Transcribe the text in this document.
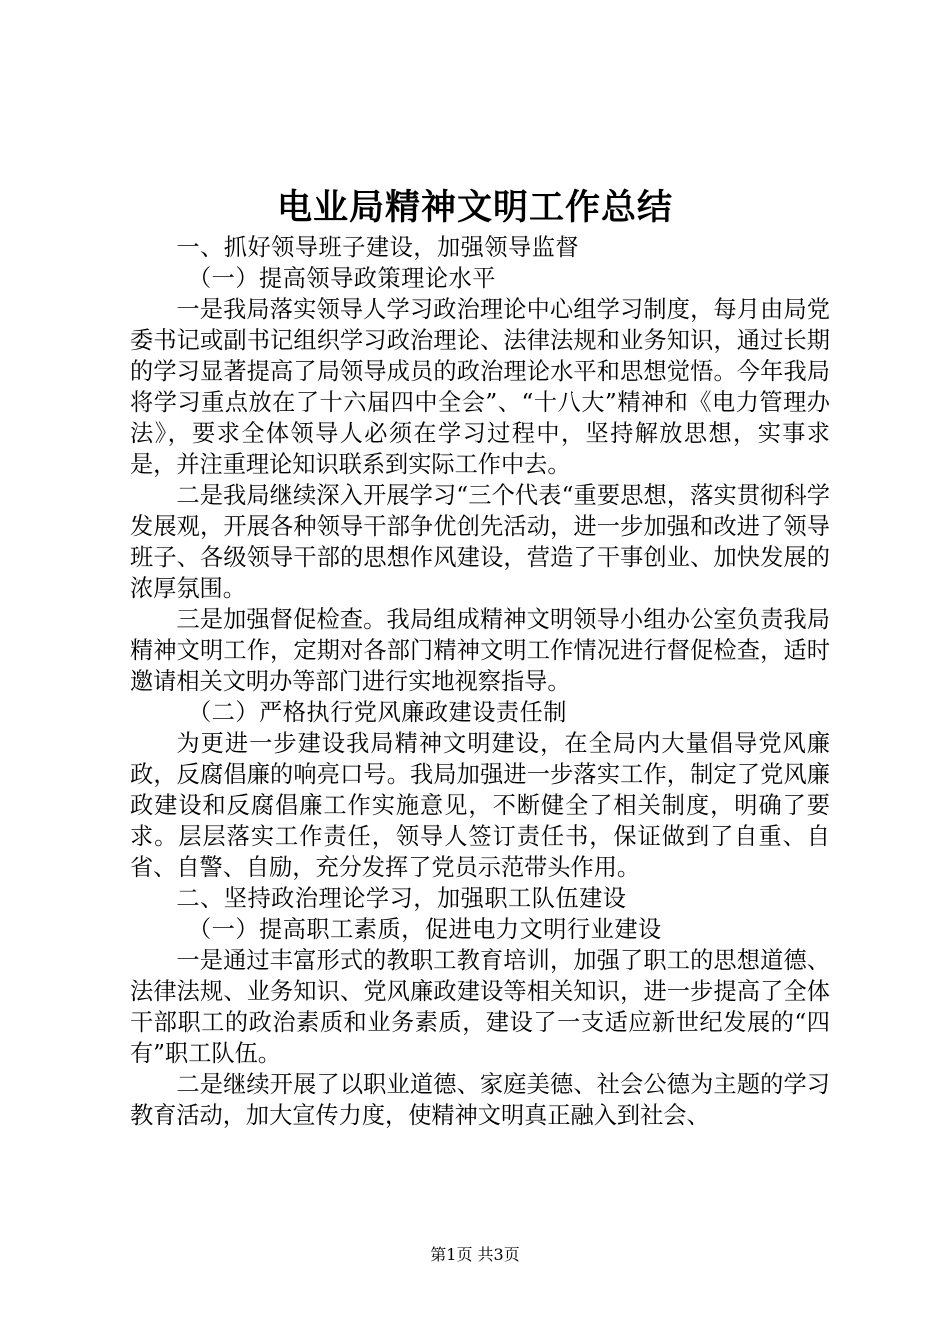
电业局精神文明工作总结

一、抓好领导班子建设，加强领导监督

（一）提高领导政策理论水平

一是我局落实领导人学习政治理论中心组学习制度，每月由局党委书记或副书记组织学习政治理论、法律法规和业务知识，通过长期的学习显著提高了局领导成员的政治理论水平和思想觉悟。今年我局将学习重点放在了十六届四中全会”、“十八大”精神和《电力管理办法》，要求全体领导人必须在学习过程中，坚持解放思想，实事求是，并注重理论知识联系到实际工作中去。

二是我局继续深入开展学习“三个代表“重要思想，落实贯彻科学发展观，开展各种领导干部争优创先活动，进一步加强和改进了领导班子、各级领导干部的思想作风建设，营造了干事创业、加快发展的浓厚氛围。

三是加强督促检查。我局组成精神文明领导小组办公室负责我局精神文明工作，定期对各部门精神文明工作情况进行督促检查，适时邀请相关文明办等部门进行实地视察指导。

（二）严格执行党风廉政建设责任制

为更进一步建设我局精神文明建设，在全局内大量倡导党风廉政，反腐倡廉的响亮口号。我局加强进一步落实工作，制定了党风廉政建设和反腐倡廉工作实施意见，不断健全了相关制度，明确了要求。层层落实工作责任，领导人签订责任书，保证做到了自重、自省、自警、自励，充分发挥了党员示范带头作用。

二、坚持政治理论学习，加强职工队伍建设

（一）提高职工素质，促进电力文明行业建设

一是通过丰富形式的教职工教育培训，加强了职工的思想道德、法律法规、业务知识、党风廉政建设等相关知识，进一步提高了全体干部职工的政治素质和业务素质，建设了一支适应新世纪发展的“四有”职工队伍。

二是继续开展了以职业道德、家庭美德、社会公德为主题的学习教育活动，加大宣传力度，使精神文明真正融入到社会、

第1页 共3页
